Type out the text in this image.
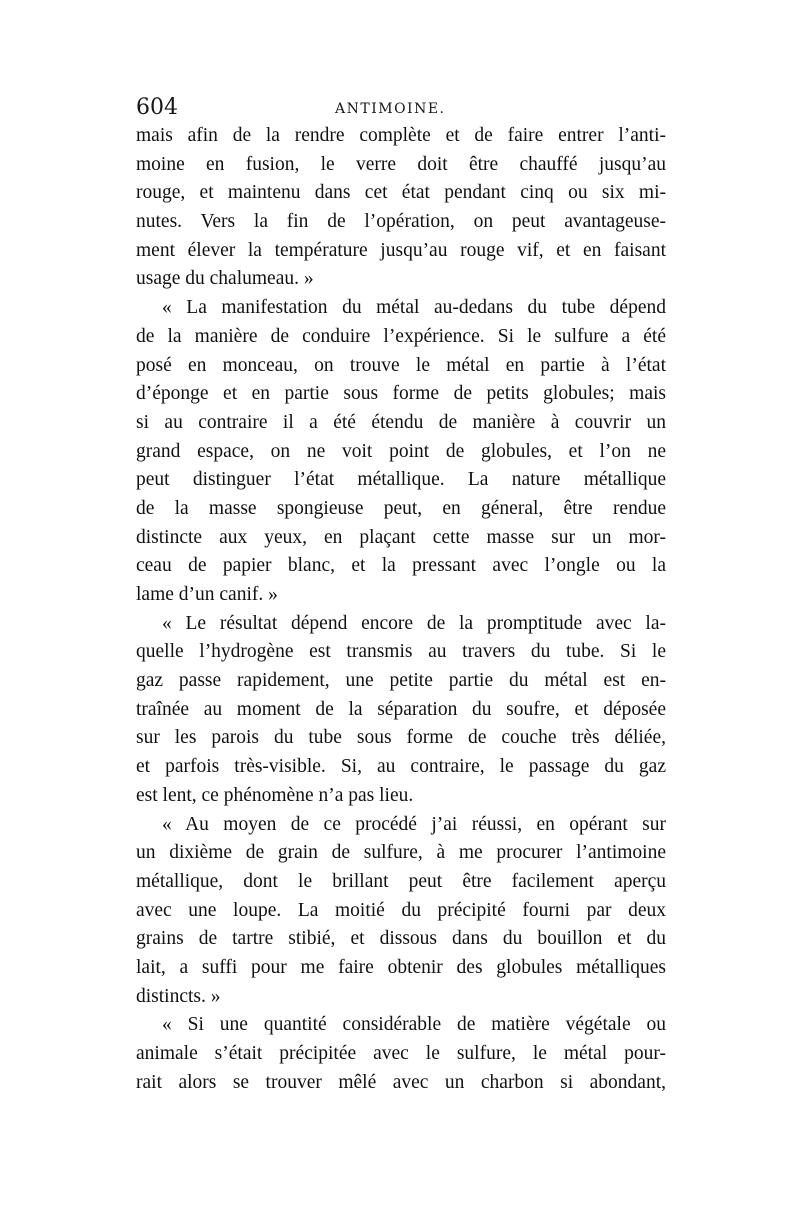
604	ANTIMOINE.
mais afin de la rendre complète et de faire entrer l’anti-
moine en fusion, le verre doit être chauffé jusqu’au
rouge, et maintenu dans cet état pendant cinq ou six mi-
nutes. Vers la fin de l’opération, on peut avantageuse-
ment élever la température jusqu’au rouge vif, et en faisant
usage du chalumeau. »
« La manifestation du métal au-dedans du tube dépend
de la manière de conduire l’expérience. Si le sulfure a été
posé en monceau, on trouve le métal en partie à l’état
d’éponge et en partie sous forme de petits globules; mais
si au contraire il a été étendu de manière à couvrir un
grand espace, on ne voit point de globules, et l’on ne
peut distinguer l’état métallique. La nature métallique
de la masse spongieuse peut, en géneral, être rendue
distincte aux yeux, en plaçant cette masse sur un mor-
ceau de papier blanc, et la pressant avec l’ongle ou la
lame d’un canif. »
« Le résultat dépend encore de la promptitude avec la-
quelle l’hydrogène est transmis au travers du tube. Si le
gaz passe rapidement, une petite partie du métal est en-
traînée au moment de la séparation du soufre, et déposée
sur les parois du tube sous forme de couche très déliée,
et parfois très-visible. Si, au contraire, le passage du gaz
est lent, ce phénomène n’a pas lieu.
« Au moyen de ce procédé j’ai réussi, en opérant sur
un dixième de grain de sulfure, à me procurer l’antimoine
métallique, dont le brillant peut être facilement aperçu
avec une loupe. La moitié du précipité fourni par deux
grains de tartre stibié, et dissous dans du bouillon et du
lait, a suffi pour me faire obtenir des globules métalliques
distincts. »
« Si une quantité considérable de matière végétale ou
animale s’était précipitée avec le sulfure, le métal pour-
rait alors se trouver mêlé avec un charbon si abondant,
